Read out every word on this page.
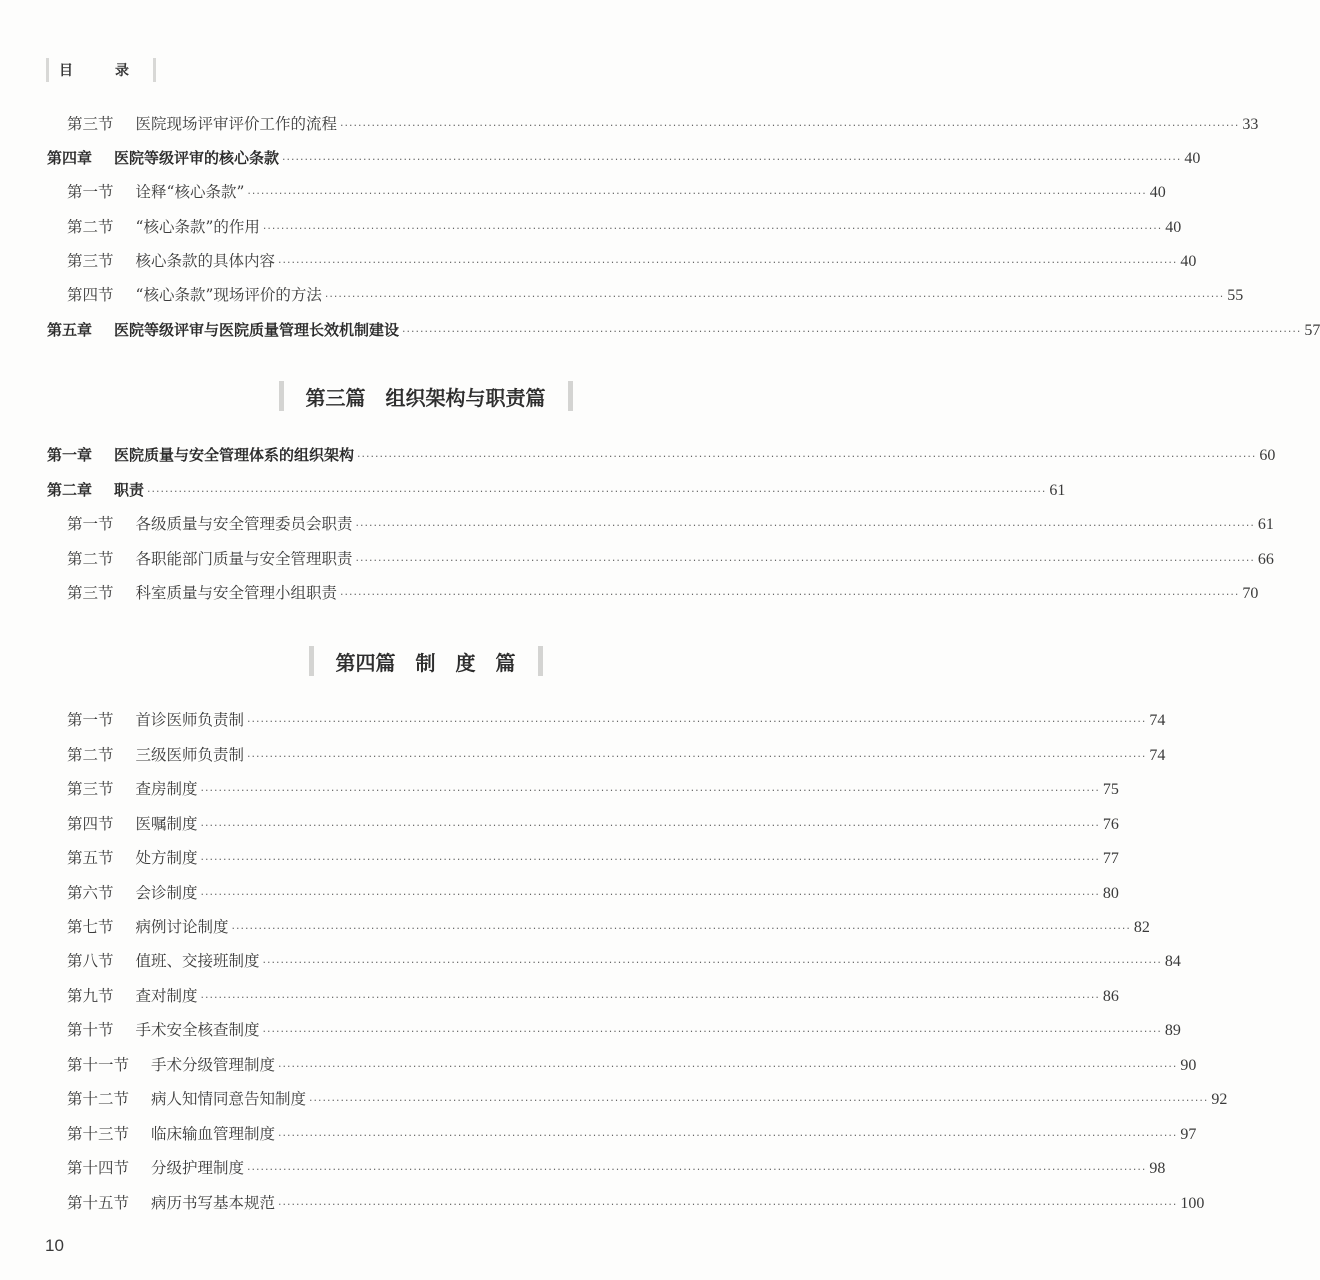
目　录
第三节	医院现场评审评价工作的流程 ········································································································································································································ 33
第四章	医院等级评审的核心条款 ········································································································································································································ 40
第一节	诠释“核心条款” ········································································································································································································ 40
第二节	“核心条款”的作用 ········································································································································································································ 40
第三节	核心条款的具体内容 ········································································································································································································ 40
第四节	“核心条款”现场评价的方法 ········································································································································································································ 55
第五章	医院等级评审与医院质量管理长效机制建设 ········································································································································································································ 57
第三篇　组织架构与职责篇
第一章	医院质量与安全管理体系的组织架构 ········································································································································································································ 60
第二章	职责 ········································································································································································································ 61
第一节	各级质量与安全管理委员会职责 ········································································································································································································ 61
第二节	各职能部门质量与安全管理职责 ········································································································································································································ 66
第三节	科室质量与安全管理小组职责 ········································································································································································································ 70
第四篇　制　度　篇
第一节	首诊医师负责制 ········································································································································································································ 74
第二节	三级医师负责制 ········································································································································································································ 74
第三节	查房制度 ········································································································································································································ 75
第四节	医嘱制度 ········································································································································································································ 76
第五节	处方制度 ········································································································································································································ 77
第六节	会诊制度 ········································································································································································································ 80
第七节	病例讨论制度 ········································································································································································································ 82
第八节	值班、交接班制度 ········································································································································································································ 84
第九节	查对制度 ········································································································································································································ 86
第十节	手术安全核查制度 ········································································································································································································ 89
第十一节	手术分级管理制度 ········································································································································································································ 90
第十二节	病人知情同意告知制度 ········································································································································································································ 92
第十三节	临床输血管理制度 ········································································································································································································ 97
第十四节	分级护理制度 ········································································································································································································ 98
第十五节	病历书写基本规范 ········································································································································································································ 100
10
